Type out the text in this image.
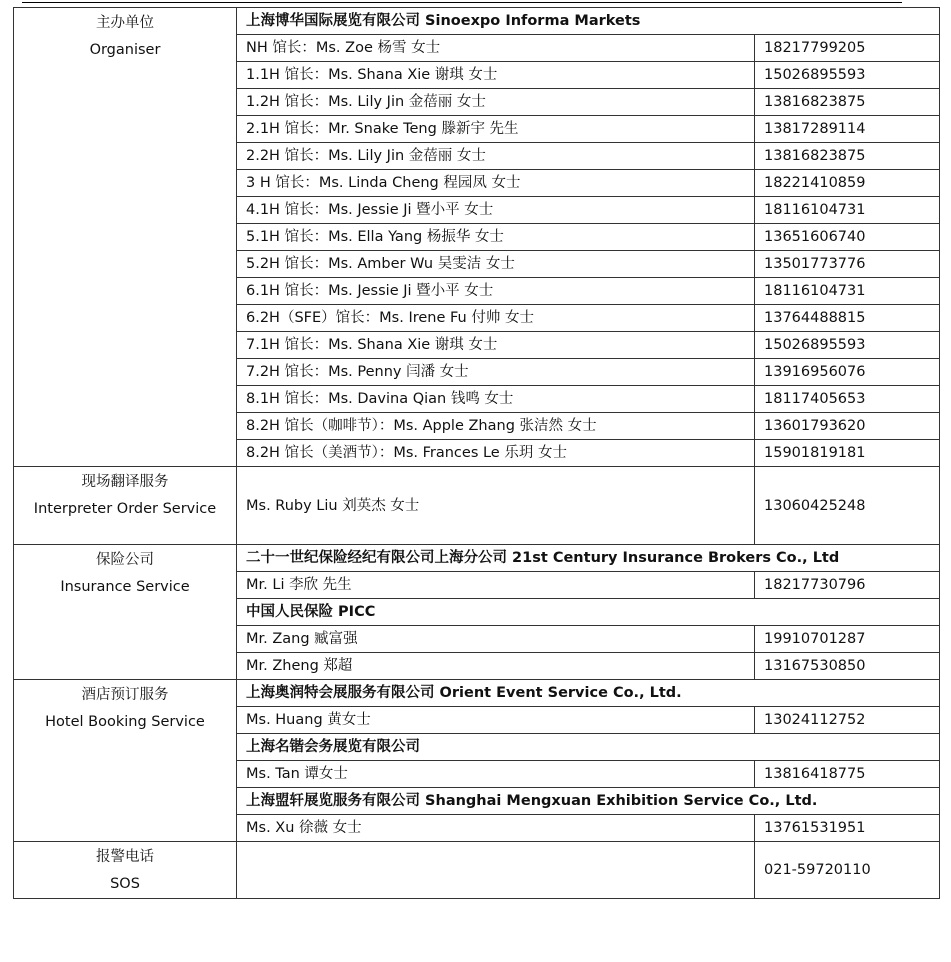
主办单位
Organiser	上海博华国际展览有限公司 Sinoexpo Informa Markets	
	NH 馆长：Ms. Zoe 杨雪 女士	18217799205
	1.1H 馆长：Ms. Shana Xie 谢琪 女士	15026895593
	1.2H 馆长：Ms. Lily Jin 金蓓丽 女士	13816823875
	2.1H 馆长：Mr. Snake Teng 滕新宇 先生	13817289114
	2.2H 馆长：Ms. Lily Jin 金蓓丽 女士	13816823875
	3 H 馆长：Ms. Linda Cheng 程园凤 女士	18221410859
	4.1H 馆长：Ms. Jessie Ji 暨小平 女士	18116104731
	5.1H 馆长：Ms. Ella Yang 杨振华 女士	13651606740
	5.2H 馆长：Ms. Amber Wu 吴雯洁 女士	13501773776
	6.1H 馆长：Ms. Jessie Ji 暨小平 女士	18116104731
	6.2H（SFE）馆长：Ms. Irene Fu 付帅 女士	13764488815
	7.1H 馆长：Ms. Shana Xie 谢琪 女士	15026895593
	7.2H 馆长：Ms. Penny 闫潘 女士	13916956076
	8.1H 馆长：Ms. Davina Qian 钱鸣 女士	18117405653
	8.2H 馆长（咖啡节）：Ms. Apple Zhang 张洁然 女士	13601793620
	8.2H 馆长（美酒节）：Ms. Frances Le 乐玥 女士	15901819181

现场翻译服务
Interpreter Order Service	Ms. Ruby Liu 刘英杰 女士	13060425248

保险公司
Insurance Service	二十一世纪保险经纪有限公司上海分公司 21st Century Insurance Brokers Co., Ltd	
	Mr. Li 李欣 先生	18217730796
	中国人民保险 PICC	
	Mr. Zang 臧富强	19910701287
	Mr. Zheng 郑超	13167530850

酒店预订服务
Hotel Booking Service	上海奥润特会展服务有限公司 Orient Event Service Co., Ltd.	
	Ms. Huang 黄女士	13024112752
	上海名锴会务展览有限公司	
	Ms. Tan 谭女士	13816418775
	上海盟轩展览服务有限公司 Shanghai Mengxuan Exhibition Service Co., Ltd.	
	Ms. Xu 徐薇 女士	13761531951

报警电话
SOS		021-59720110
